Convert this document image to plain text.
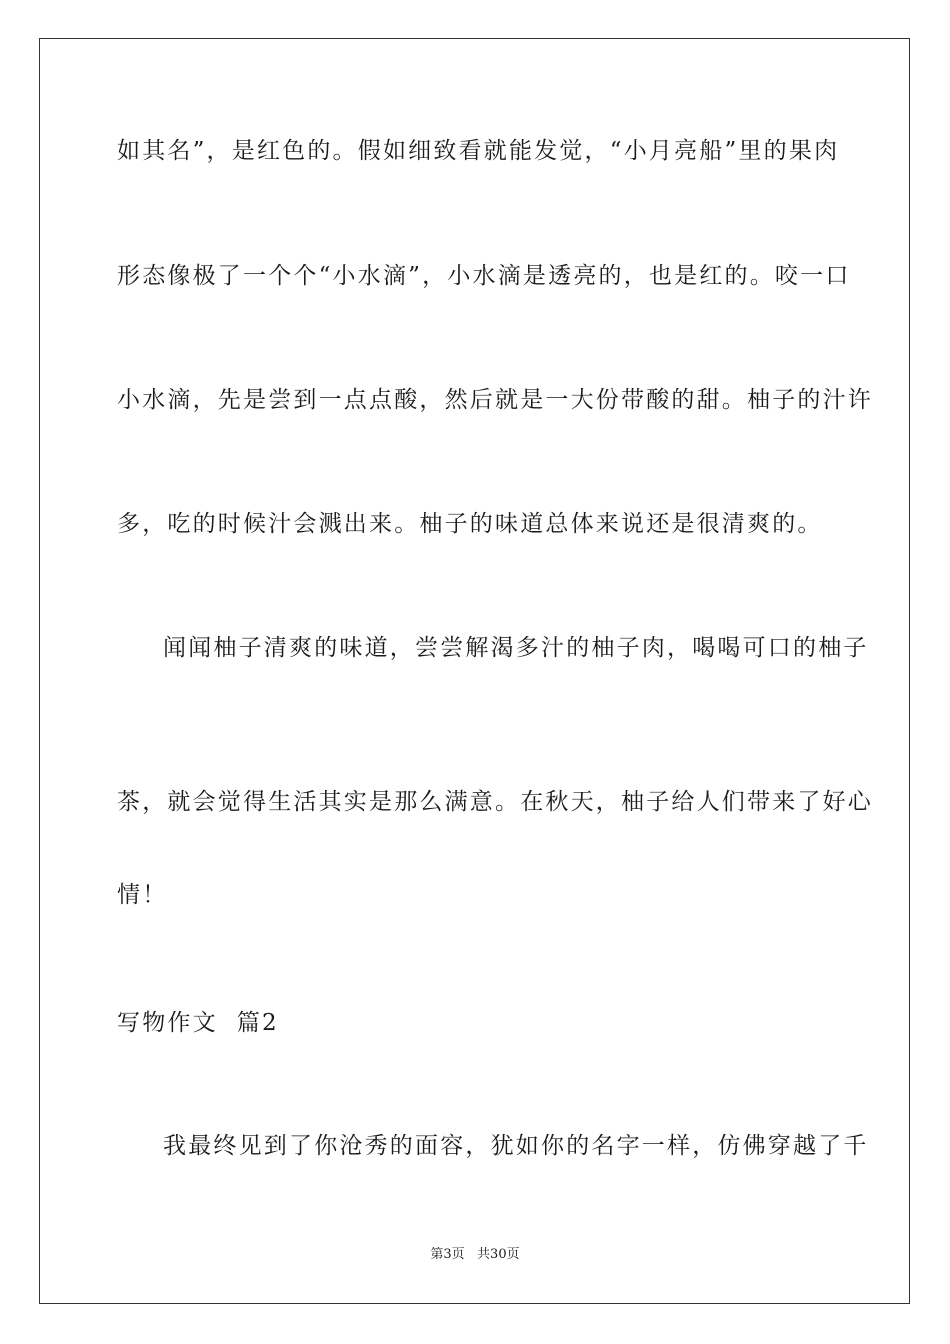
如其名”，是红色的。假如细致看就能发觉，“小月亮船”里的果肉
形态像极了一个个“小水滴”，小水滴是透亮的，也是红的。咬一口
小水滴，先是尝到一点点酸，然后就是一大份带酸的甜。柚子的汁许
多，吃的时候汁会溅出来。柚子的味道总体来说还是很清爽的。
闻闻柚子清爽的味道，尝尝解渴多汁的柚子肉，喝喝可口的柚子
茶，就会觉得生活其实是那么满意。在秋天，柚子给人们带来了好心
情！
写物作文  篇2
我最终见到了你沧秀的面容，犹如你的名字一样，仿佛穿越了千
第3页   共30页
